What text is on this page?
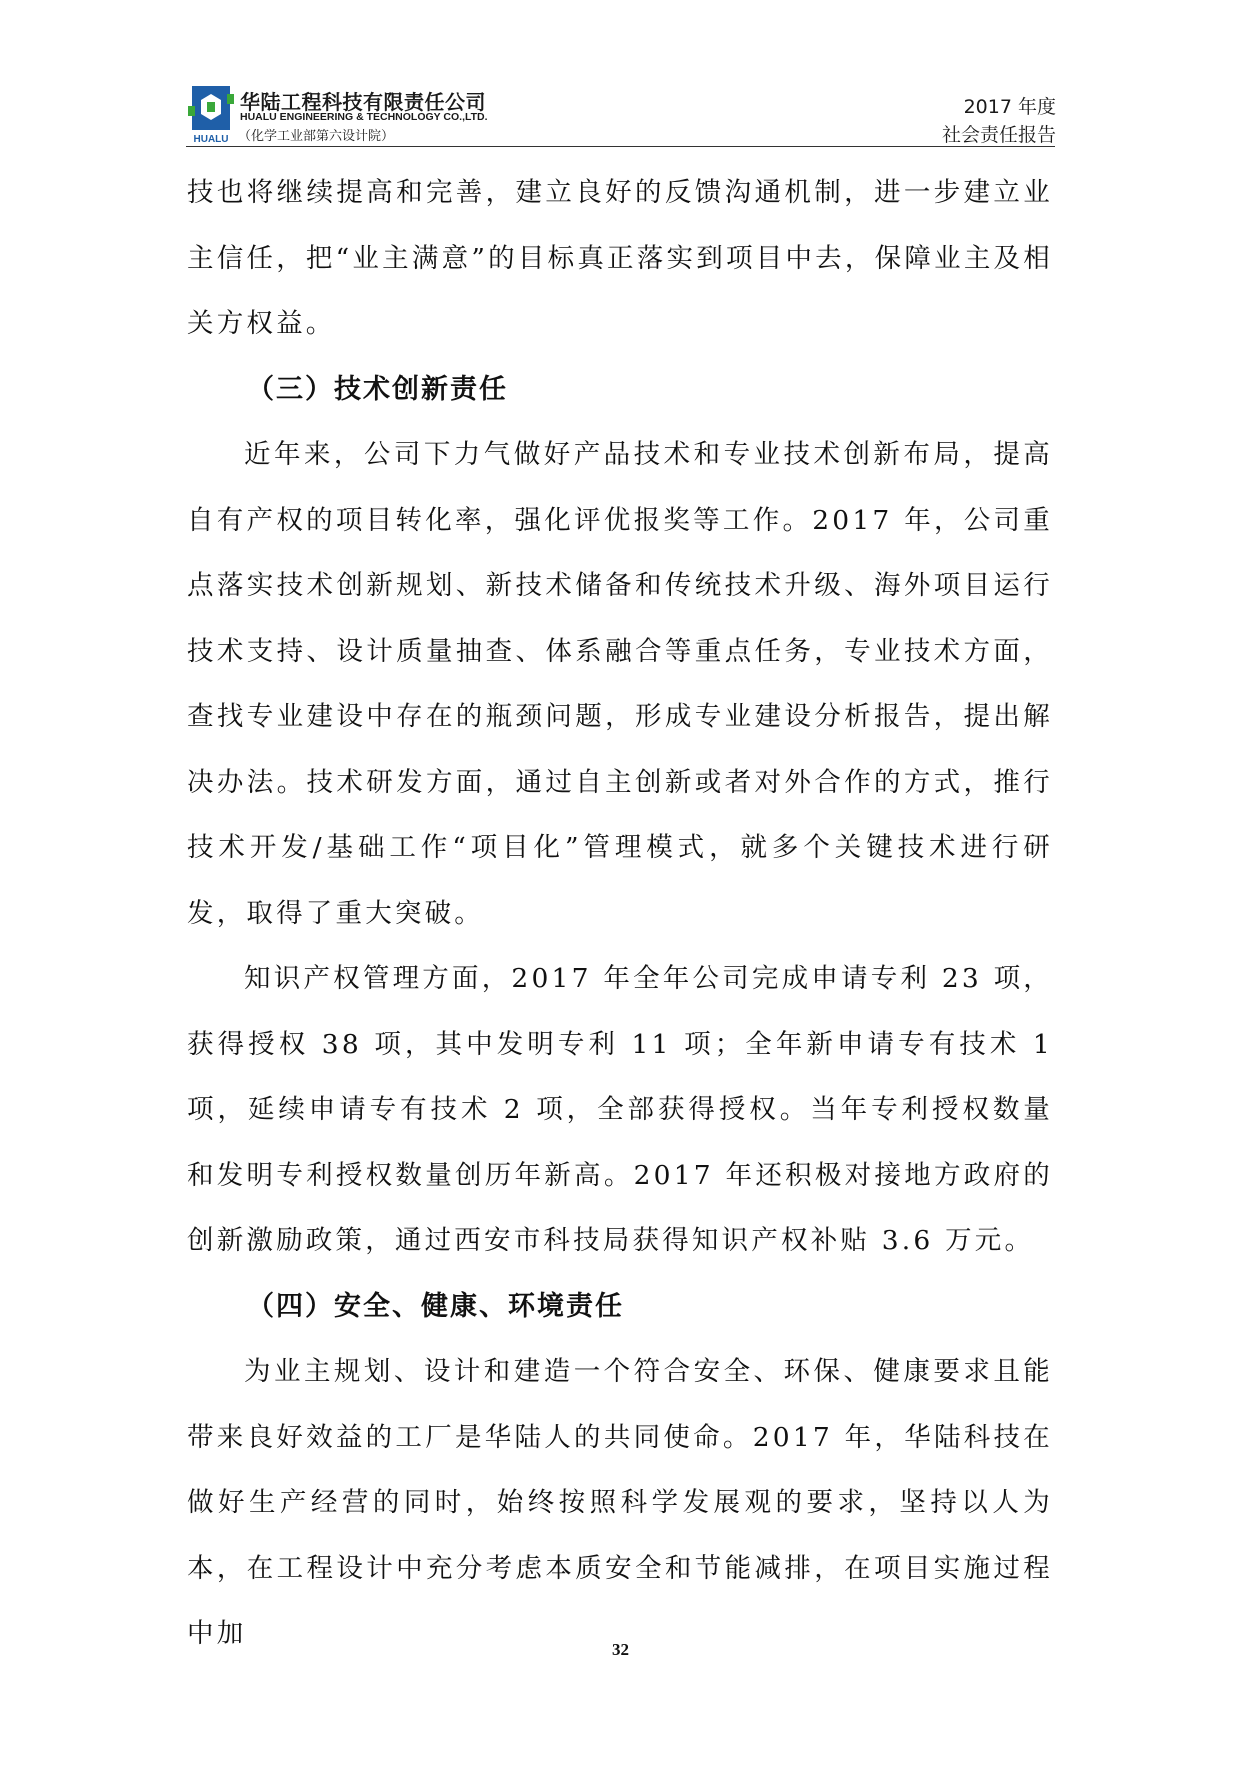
HUALU
华陆工程科技有限责任公司
HUALU ENGINEERING & TECHNOLOGY CO.,LTD.
（化学工业部第六设计院）
2017 年度
社会责任报告

技也将继续提高和完善，建立良好的反馈沟通机制，进一步建立业主信任，把“业主满意”的目标真正落实到项目中去，保障业主及相关方权益。

（三）技术创新责任

近年来，公司下力气做好产品技术和专业技术创新布局，提高自有产权的项目转化率，强化评优报奖等工作。2017 年，公司重点落实技术创新规划、新技术储备和传统技术升级、海外项目运行技术支持、设计质量抽查、体系融合等重点任务，专业技术方面，查找专业建设中存在的瓶颈问题，形成专业建设分析报告，提出解决办法。技术研发方面，通过自主创新或者对外合作的方式，推行技术开发/基础工作“项目化”管理模式，就多个关键技术进行研发，取得了重大突破。

知识产权管理方面，2017 年全年公司完成申请专利 23 项，获得授权 38 项，其中发明专利 11 项；全年新申请专有技术 1 项，延续申请专有技术 2 项，全部获得授权。当年专利授权数量和发明专利授权数量创历年新高。2017 年还积极对接地方政府的创新激励政策，通过西安市科技局获得知识产权补贴 3.6 万元。

（四）安全、健康、环境责任

为业主规划、设计和建造一个符合安全、环保、健康要求且能带来良好效益的工厂是华陆人的共同使命。2017 年，华陆科技在做好生产经营的同时，始终按照科学发展观的要求，坚持以人为本，在工程设计中充分考虑本质安全和节能减排，在项目实施过程中加

32
